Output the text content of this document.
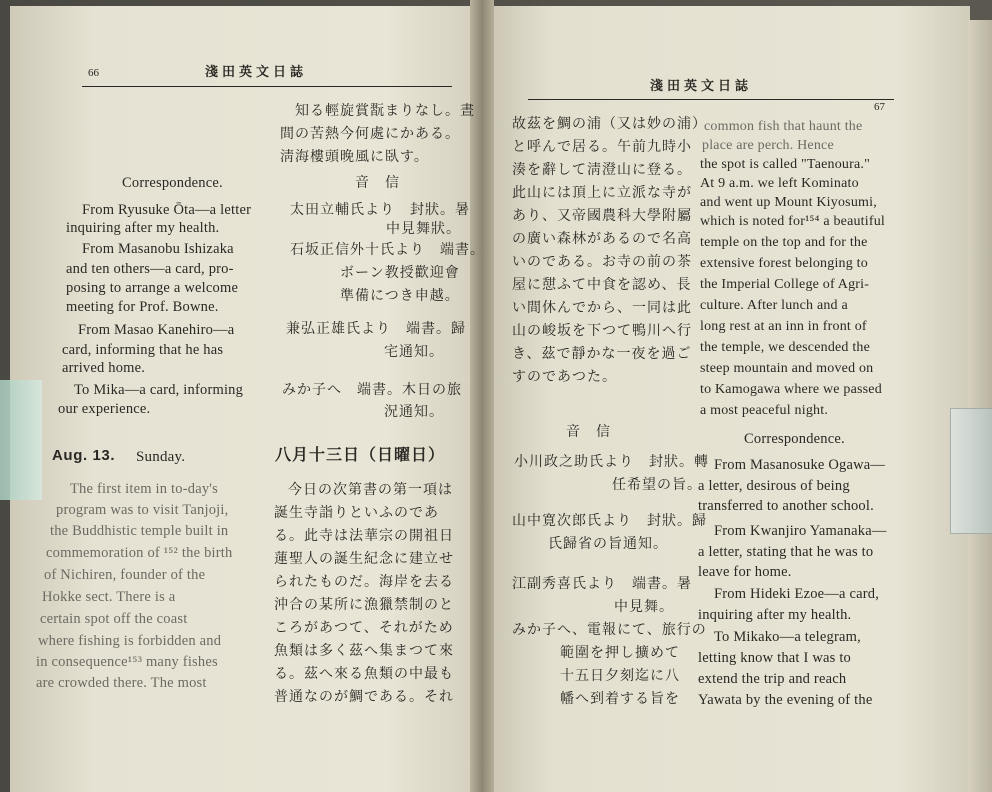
66	淺田英文日誌
知る輕旋賞翫まりなし。晝
間の苦熱今何處にかある。
淸海樓頭晚風に臥す。
Correspondence.	音　信
From Ryusuke Ōta—a letter
inquiring after my health.
From Masanobu Ishizaka
and ten others—a card, pro-
posing to arrange a welcome
meeting for Prof. Bowne.
From Masao Kanehiro—a
card, informing that he has
arrived home.
To Mika—a card, informing
our experience.
太田立輔氏より　封狀。暑
中見舞狀。
石坂正信外十氏より　端書。
ボーン教授歡迎會
準備につき申越。
兼弘正雄氏より　端書。歸
宅通知。
みか子へ　端書。木日の旅
況通知。
Aug. 13. Sunday.	八月十三日（日曜日）
The first item in to-day's
program was to visit Tanjoji,
the Buddhistic temple built in
commemoration of ¹⁵² the birth
of Nichiren, founder of the
Hokke sect. There is a
certain spot off the coast
where fishing is forbidden and
in consequence¹⁵³ many fishes
are crowded there. The most
今日の次第書の第一項は
誕生寺詣りといふのであ
る。此寺は法華宗の開祖日
蓮聖人の誕生紀念に建立せ
られたものだ。海岸を去る
沖合の某所に漁獵禁制のと
ころがあつて、それがため
魚類は多く茲へ集まつて來
る。茲へ來る魚類の中最も
普通なのが鯛である。それ
淺田英文日誌
67
故茲を鯛の浦（又は妙の浦）
と呼んで居る。午前九時小
湊を辭して淸澄山に登る。
此山には頂上に立派な寺が
あり、又帝國農科大學附屬
の廣い森林があるので名高
いのである。お寺の前の茶
屋に憇ふて中食を認め、長
い間休んでから、一同は此
山の峻坂を下つて鴨川へ行
き、茲で靜かな一夜を過ご
すのであつた。
common fish that haunt the
place are perch. Hence
the spot is called "Taenoura."
At 9 a.m. we left Kominato
and went up Mount Kiyosumi,
which is noted for¹⁵⁴ a beautiful
temple on the top and for the
extensive forest belonging to
the Imperial College of Agri-
culture. After lunch and a
long rest at an inn in front of
the temple, we descended the
steep mountain and moved on
to Kamogawa where we passed
a most peaceful night.
音　信	Correspondence.
小川政之助氏より　封狀。轉
任希望の旨。
山中寛次郎氏より　封狀。歸
氏歸省の旨通知。
江副秀喜氏より　端書。暑
中見舞。
みか子へ、電報にて、旅行の
範圍を押し擴めて
十五日夕刻迄に八
幡へ到着する旨を
From Masanosuke Ogawa—
a letter, desirous of being
transferred to another school.
From Kwanjiro Yamanaka—
a letter, stating that he was to
leave for home.
From Hideki Ezoe—a card,
inquiring after my health.
To Mikako—a telegram,
letting know that I was to
extend the trip and reach
Yawata by the evening of the
